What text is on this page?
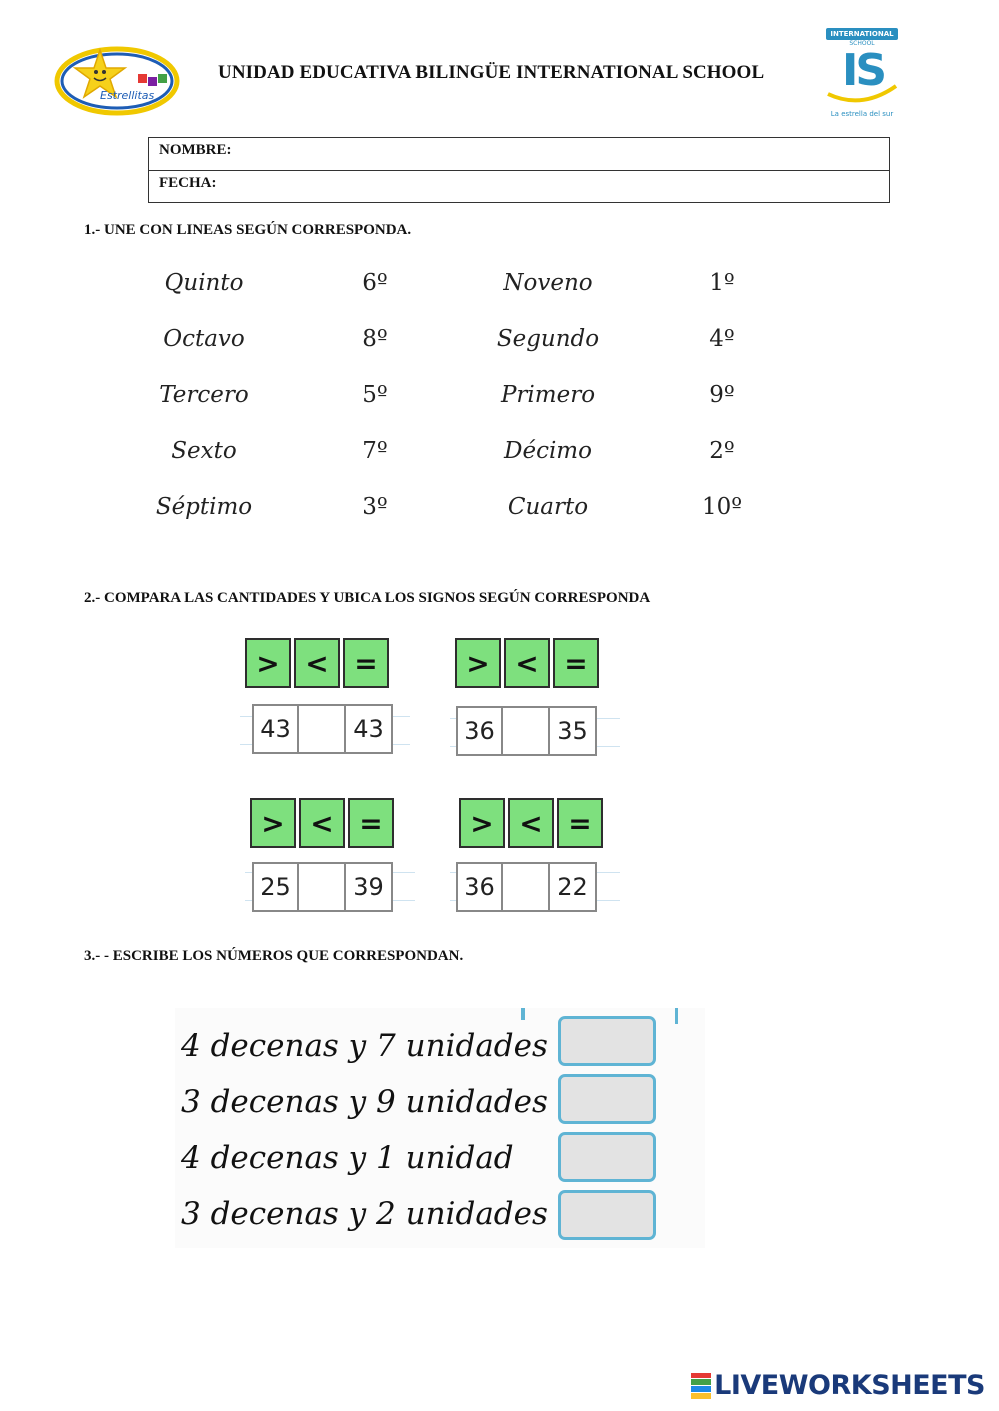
Estrellitas
UNIDAD EDUCATIVA BILINGÜE INTERNATIONAL SCHOOL
INTERNATIONAL
SCHOOL
IS
La estrella del sur
NOMBRE:
FECHA:
1.- UNE CON LINEAS SEGÚN CORRESPONDA.
Quinto	6º	Noveno	1º
Octavo	8º	Segundo	4º
Tercero	5º	Primero	9º
Sexto	7º	Décimo	2º
Séptimo	3º	Cuarto	10º
2.- COMPARA LAS CANTIDADES Y UBICA LOS SIGNOS SEGÚN CORRESPONDA
> < =
43	43
> < =
36	35
> < =
25	39
> < =
36	22
3.- - ESCRIBE LOS NÚMEROS QUE CORRESPONDAN.
4 decenas y 7 unidades
3 decenas y 9 unidades
4 decenas y 1 unidad
3 decenas y 2 unidades
LIVEWORKSHEETS
